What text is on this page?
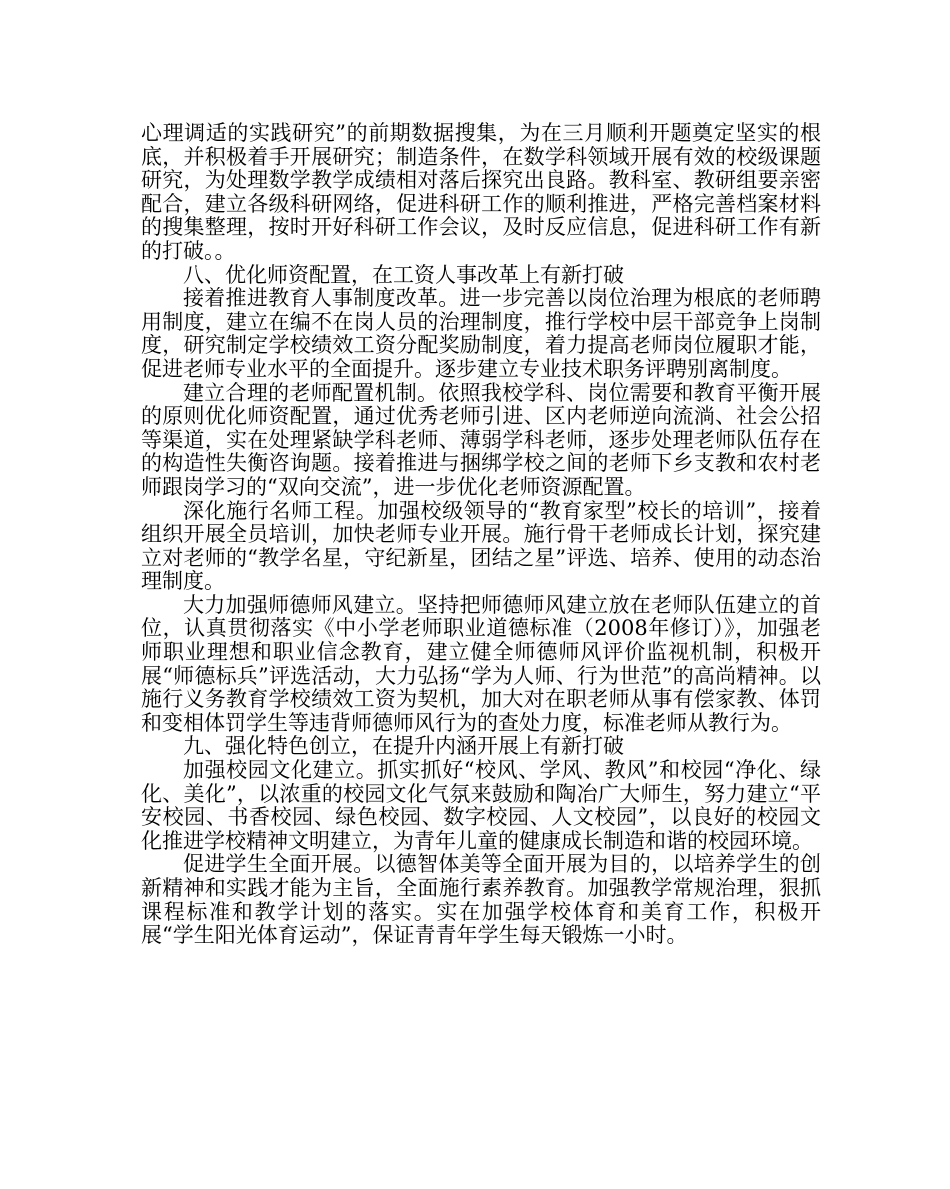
心理调适的实践研究”的前期数据搜集，为在三月顺利开题奠定坚实的根底，并积极着手开展研究；制造条件，在数学科领域开展有效的校级课题研究，为处理数学教学成绩相对落后探究出良路。教科室、教研组要亲密配合，建立各级科研网络，促进科研工作的顺利推进，严格完善档案材料的搜集整理，按时开好科研工作会议，及时反应信息，促进科研工作有新的打破。。

八、优化师资配置，在工资人事改革上有新打破

接着推进教育人事制度改革。进一步完善以岗位治理为根底的老师聘用制度，建立在编不在岗人员的治理制度，推行学校中层干部竞争上岗制度，研究制定学校绩效工资分配奖励制度，着力提高老师岗位履职才能，促进老师专业水平的全面提升。逐步建立专业技术职务评聘别离制度。

建立合理的老师配置机制。依照我校学科、岗位需要和教育平衡开展的原则优化师资配置，通过优秀老师引进、区内老师逆向流淌、社会公招等渠道，实在处理紧缺学科老师、薄弱学科老师，逐步处理老师队伍存在的构造性失衡咨询题。接着推进与捆绑学校之间的老师下乡支教和农村老师跟岗学习的“双向交流”，进一步优化老师资源配置。

深化施行名师工程。加强校级领导的“教育家型”校长的培训”，接着组织开展全员培训，加快老师专业开展。施行骨干老师成长计划，探究建立对老师的“教学名星，守纪新星，团结之星”评选、培养、使用的动态治理制度。

大力加强师德师风建立。坚持把师德师风建立放在老师队伍建立的首位，认真贯彻落实《中小学老师职业道德标准（2008年修订）》，加强老师职业理想和职业信念教育，建立健全师德师风评价监视机制，积极开展“师德标兵”评选活动，大力弘扬“学为人师、行为世范”的高尚精神。以施行义务教育学校绩效工资为契机，加大对在职老师从事有偿家教、体罚和变相体罚学生等违背师德师风行为的查处力度，标准老师从教行为。

九、强化特色创立，在提升内涵开展上有新打破

加强校园文化建立。抓实抓好“校风、学风、教风”和校园“净化、绿化、美化”，以浓重的校园文化气氛来鼓励和陶冶广大师生，努力建立“平安校园、书香校园、绿色校园、数字校园、人文校园”，以良好的校园文化推进学校精神文明建立，为青年儿童的健康成长制造和谐的校园环境。

促进学生全面开展。以德智体美等全面开展为目的，以培养学生的创新精神和实践才能为主旨，全面施行素养教育。加强教学常规治理，狠抓课程标准和教学计划的落实。实在加强学校体育和美育工作，积极开展“学生阳光体育运动”，保证青青年学生每天锻炼一小时。
